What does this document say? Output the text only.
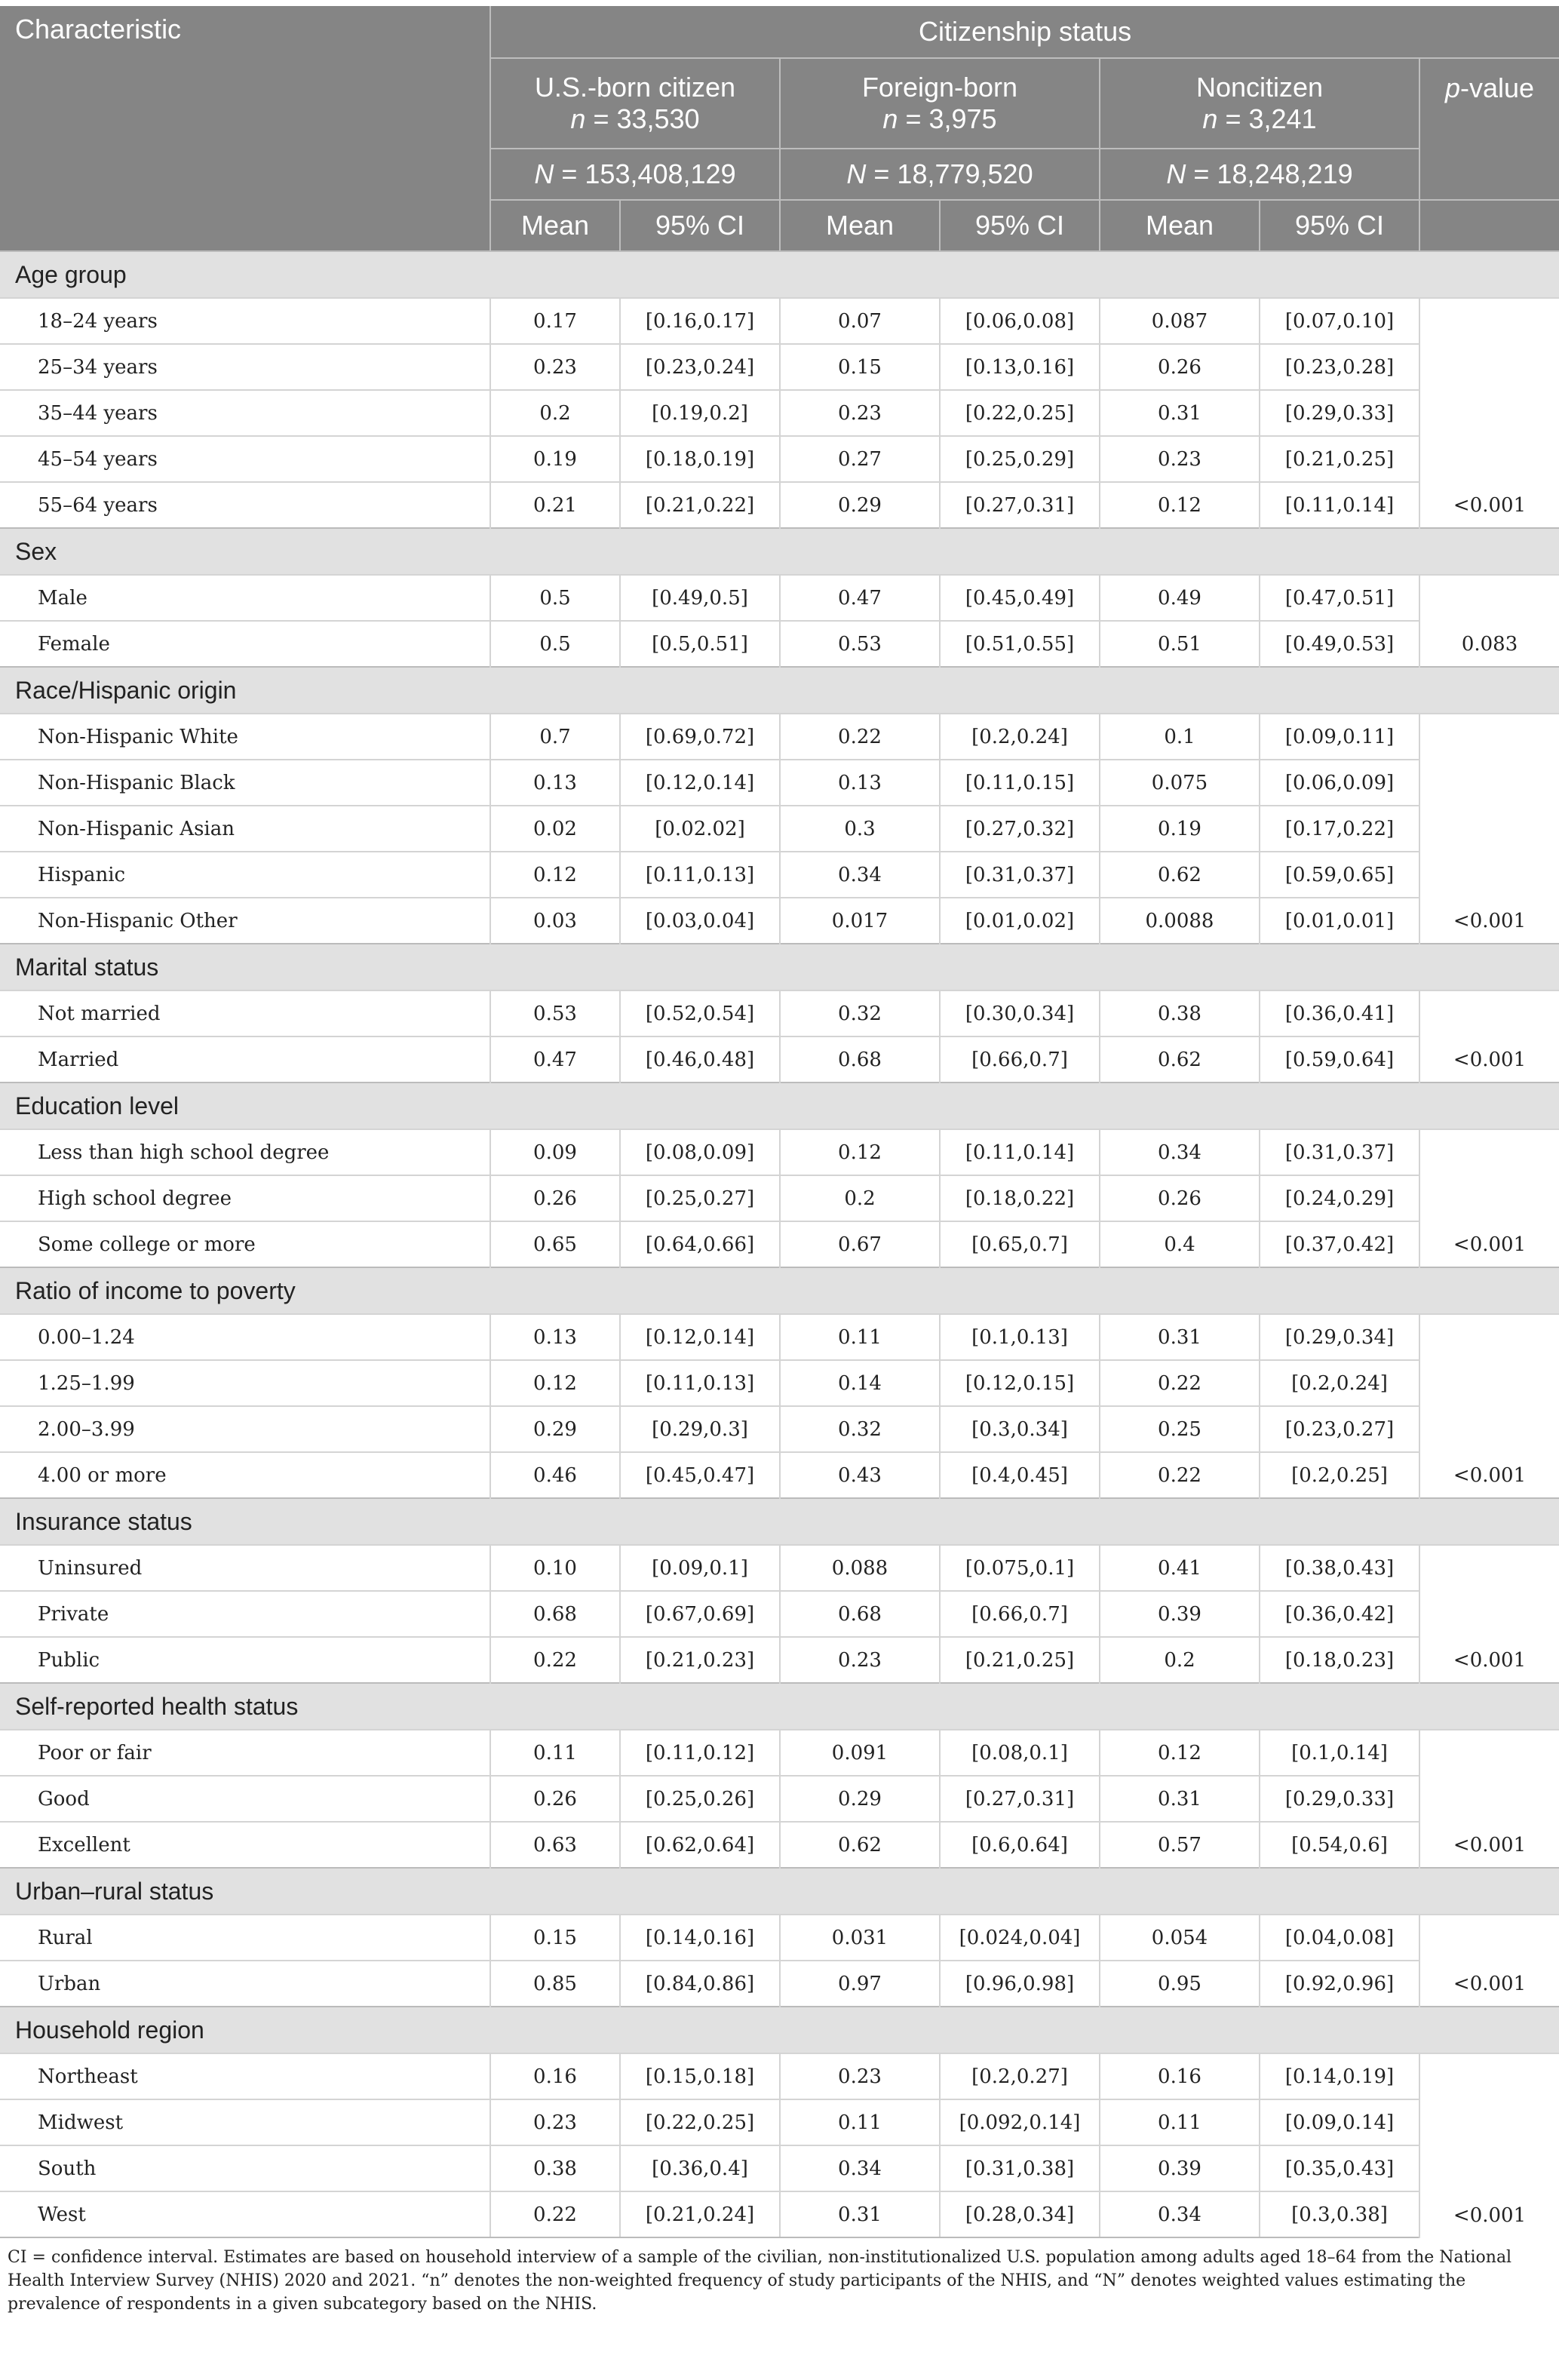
Characteristic	Citizenship status						
	U.S.-born citizen
n = 33,530		Foreign-born
n = 3,975		Noncitizen
n = 3,241		p-value
	N = 153,408,129		N = 18,779,520		N = 18,248,219		
	Mean	95% CI	Mean	95% CI	Mean	95% CI	
Age group							
18–24 years	0.17	[0.16,0.17]	0.07	[0.06,0.08]	0.087	[0.07,0.10]	<0.001
25–34 years	0.23	[0.23,0.24]	0.15	[0.13,0.16]	0.26	[0.23,0.28]	
35–44 years	0.2	[0.19,0.2]	0.23	[0.22,0.25]	0.31	[0.29,0.33]	
45–54 years	0.19	[0.18,0.19]	0.27	[0.25,0.29]	0.23	[0.21,0.25]	
55–64 years	0.21	[0.21,0.22]	0.29	[0.27,0.31]	0.12	[0.11,0.14]	
Sex							
Male	0.5	[0.49,0.5]	0.47	[0.45,0.49]	0.49	[0.47,0.51]	0.083
Female	0.5	[0.5,0.51]	0.53	[0.51,0.55]	0.51	[0.49,0.53]	
Race/Hispanic origin							
Non-Hispanic White	0.7	[0.69,0.72]	0.22	[0.2,0.24]	0.1	[0.09,0.11]	<0.001
Non-Hispanic Black	0.13	[0.12,0.14]	0.13	[0.11,0.15]	0.075	[0.06,0.09]	
Non-Hispanic Asian	0.02	[0.02.02]	0.3	[0.27,0.32]	0.19	[0.17,0.22]	
Hispanic	0.12	[0.11,0.13]	0.34	[0.31,0.37]	0.62	[0.59,0.65]	
Non-Hispanic Other	0.03	[0.03,0.04]	0.017	[0.01,0.02]	0.0088	[0.01,0.01]	
Marital status							
Not married	0.53	[0.52,0.54]	0.32	[0.30,0.34]	0.38	[0.36,0.41]	<0.001
Married	0.47	[0.46,0.48]	0.68	[0.66,0.7]	0.62	[0.59,0.64]	
Education level							
Less than high school degree	0.09	[0.08,0.09]	0.12	[0.11,0.14]	0.34	[0.31,0.37]	<0.001
High school degree	0.26	[0.25,0.27]	0.2	[0.18,0.22]	0.26	[0.24,0.29]	
Some college or more	0.65	[0.64,0.66]	0.67	[0.65,0.7]	0.4	[0.37,0.42]	
Ratio of income to poverty							
0.00–1.24	0.13	[0.12,0.14]	0.11	[0.1,0.13]	0.31	[0.29,0.34]	<0.001
1.25–1.99	0.12	[0.11,0.13]	0.14	[0.12,0.15]	0.22	[0.2,0.24]	
2.00–3.99	0.29	[0.29,0.3]	0.32	[0.3,0.34]	0.25	[0.23,0.27]	
4.00 or more	0.46	[0.45,0.47]	0.43	[0.4,0.45]	0.22	[0.2,0.25]	
Insurance status							
Uninsured	0.10	[0.09,0.1]	0.088	[0.075,0.1]	0.41	[0.38,0.43]	<0.001
Private	0.68	[0.67,0.69]	0.68	[0.66,0.7]	0.39	[0.36,0.42]	
Public	0.22	[0.21,0.23]	0.23	[0.21,0.25]	0.2	[0.18,0.23]	
Self-reported health status							
Poor or fair	0.11	[0.11,0.12]	0.091	[0.08,0.1]	0.12	[0.1,0.14]	<0.001
Good	0.26	[0.25,0.26]	0.29	[0.27,0.31]	0.31	[0.29,0.33]	
Excellent	0.63	[0.62,0.64]	0.62	[0.6,0.64]	0.57	[0.54,0.6]	
Urban–rural status							
Rural	0.15	[0.14,0.16]	0.031	[0.024,0.04]	0.054	[0.04,0.08]	<0.001
Urban	0.85	[0.84,0.86]	0.97	[0.96,0.98]	0.95	[0.92,0.96]	
Household region							
Northeast	0.16	[0.15,0.18]	0.23	[0.2,0.27]	0.16	[0.14,0.19]	<0.001
Midwest	0.23	[0.22,0.25]	0.11	[0.092,0.14]	0.11	[0.09,0.14]	
South	0.38	[0.36,0.4]	0.34	[0.31,0.38]	0.39	[0.35,0.43]	
West	0.22	[0.21,0.24]	0.31	[0.28,0.34]	0.34	[0.3,0.38]	
CI = confidence interval. Estimates are based on household interview of a sample of the civilian, non-institutionalized U.S. population among adults aged 18–64 from the National Health Interview Survey (NHIS) 2020 and 2021. “n” denotes the non-weighted frequency of study participants of the NHIS, and “N” denotes weighted values estimating the prevalence of respondents in a given subcategory based on the NHIS.
